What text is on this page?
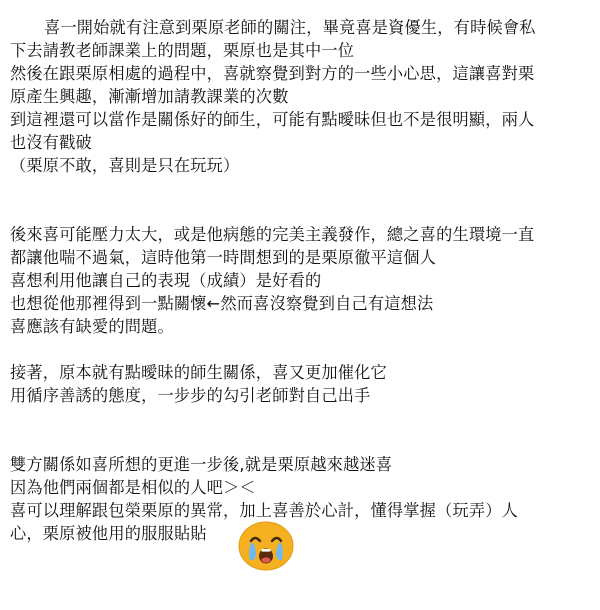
喜一開始就有注意到栗原老師的關注，畢竟喜是資優生，有時候會私
下去請教老師課業上的問題，栗原也是其中一位
然後在跟栗原相處的過程中，喜就察覺到對方的一些小心思，這讓喜對栗
原產生興趣，漸漸增加請教課業的次數
到這裡還可以當作是關係好的師生，可能有點曖昧但也不是很明顯，兩人
也沒有戳破
（栗原不敢，喜則是只在玩玩）
後來喜可能壓力太大，或是他病態的完美主義發作，總之喜的生環境一直
都讓他喘不過氣，這時他第一時間想到的是栗原徹平這個人
喜想利用他讓自己的表現（成績）是好看的
也想從他那裡得到一點關懷←然而喜沒察覺到自己有這想法
喜應該有缺愛的問題。
接著，原本就有點曖昧的師生關係，喜又更加催化它
用循序善誘的態度，一步步的勾引老師對自己出手
雙方關係如喜所想的更進一步後,就是栗原越來越迷喜
因為他們兩個都是相似的人吧＞＜
喜可以理解跟包榮栗原的異常，加上喜善於心計，懂得掌握（玩弄）人
心，栗原被他用的服服貼貼
